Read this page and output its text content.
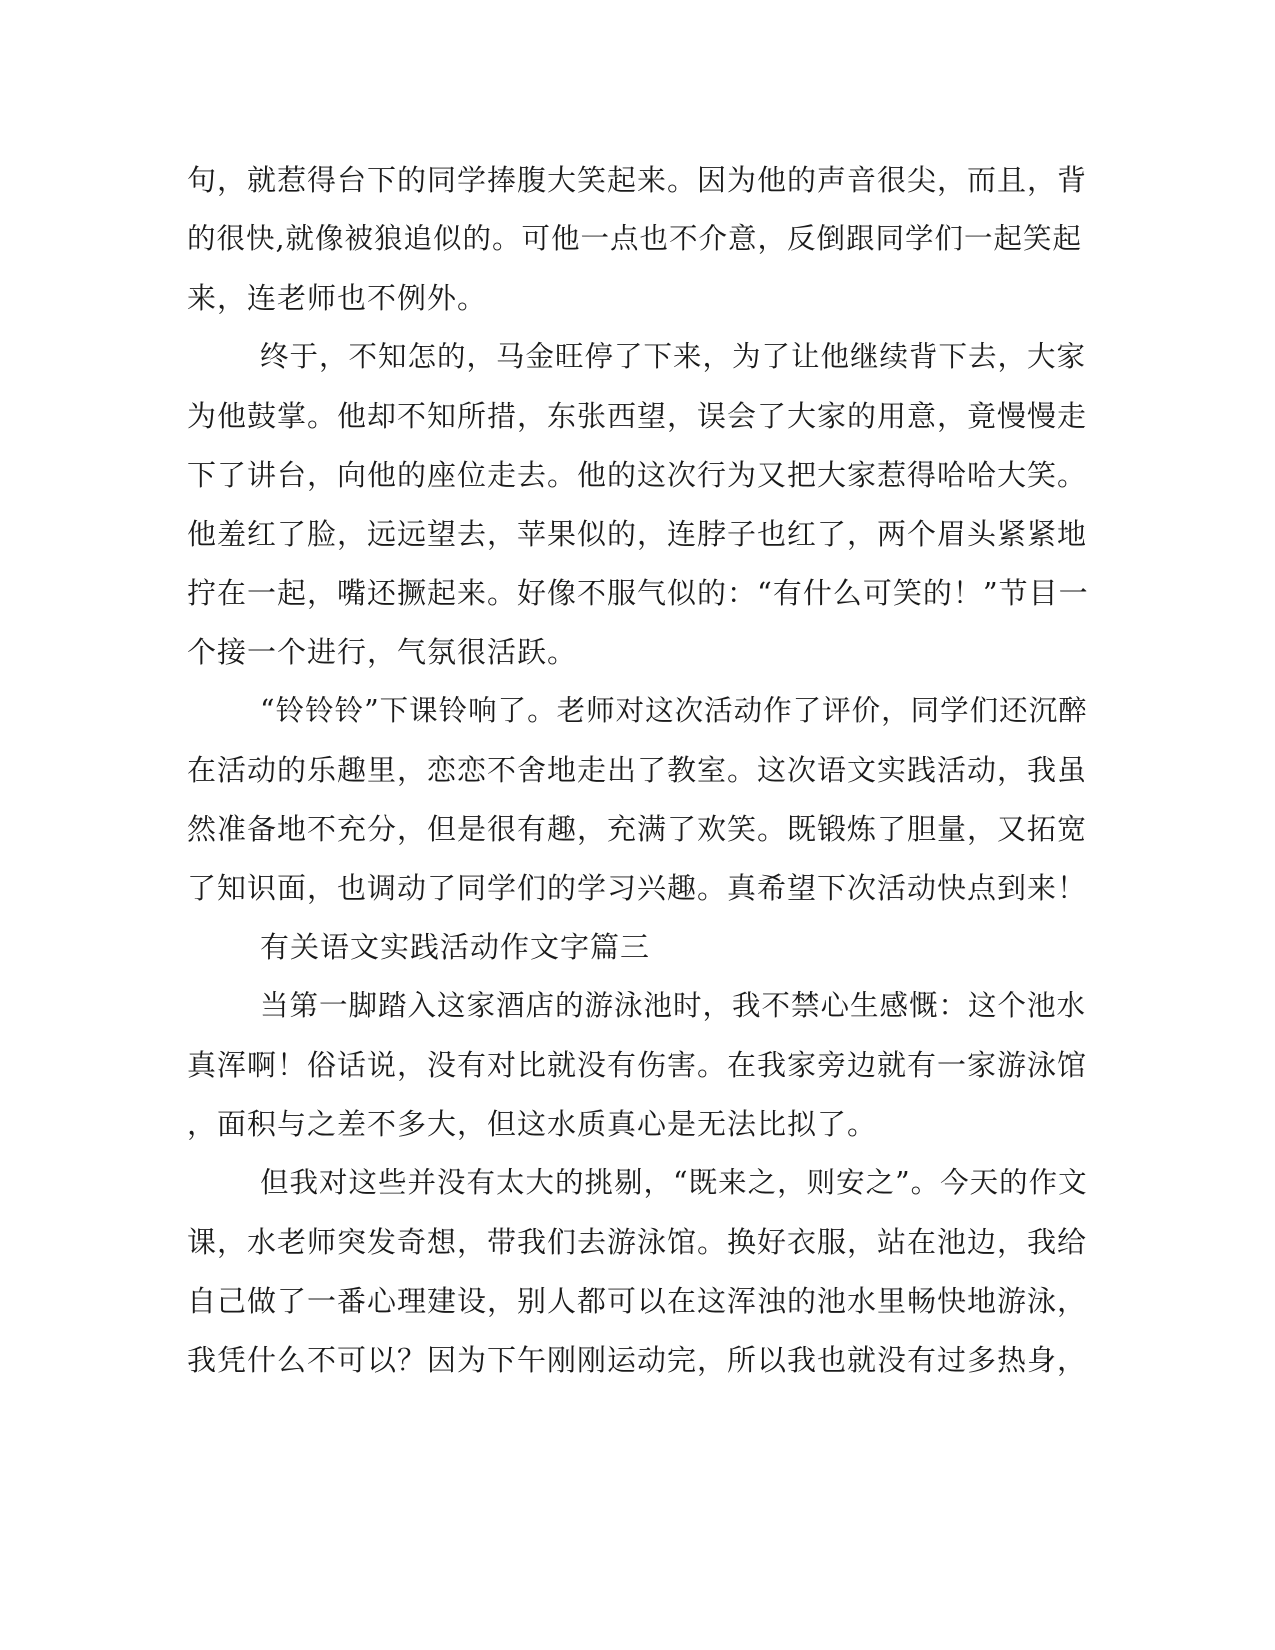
句，就惹得台下的同学捧腹大笑起来。因为他的声音很尖，而且，背
的很快,就像被狼追似的。可他一点也不介意，反倒跟同学们一起笑起
来，连老师也不例外。
终于，不知怎的，马金旺停了下来，为了让他继续背下去，大家
为他鼓掌。他却不知所措，东张西望，误会了大家的用意，竟慢慢走
下了讲台，向他的座位走去。他的这次行为又把大家惹得哈哈大笑。
他羞红了脸，远远望去，苹果似的，连脖子也红了，两个眉头紧紧地
拧在一起，嘴还撅起来。好像不服气似的：“有什么可笑的！”节目一
个接一个进行，气氛很活跃。
“铃铃铃”下课铃响了。老师对这次活动作了评价，同学们还沉醉
在活动的乐趣里，恋恋不舍地走出了教室。这次语文实践活动，我虽
然准备地不充分，但是很有趣，充满了欢笑。既锻炼了胆量，又拓宽
了知识面，也调动了同学们的学习兴趣。真希望下次活动快点到来！
有关语文实践活动作文字篇三
当第一脚踏入这家酒店的游泳池时，我不禁心生感慨：这个池水
真浑啊！俗话说，没有对比就没有伤害。在我家旁边就有一家游泳馆
，面积与之差不多大，但这水质真心是无法比拟了。
但我对这些并没有太大的挑剔，“既来之，则安之”。今天的作文
课，水老师突发奇想，带我们去游泳馆。换好衣服，站在池边，我给
自己做了一番心理建设，别人都可以在这浑浊的池水里畅快地游泳，
我凭什么不可以？因为下午刚刚运动完，所以我也就没有过多热身，
